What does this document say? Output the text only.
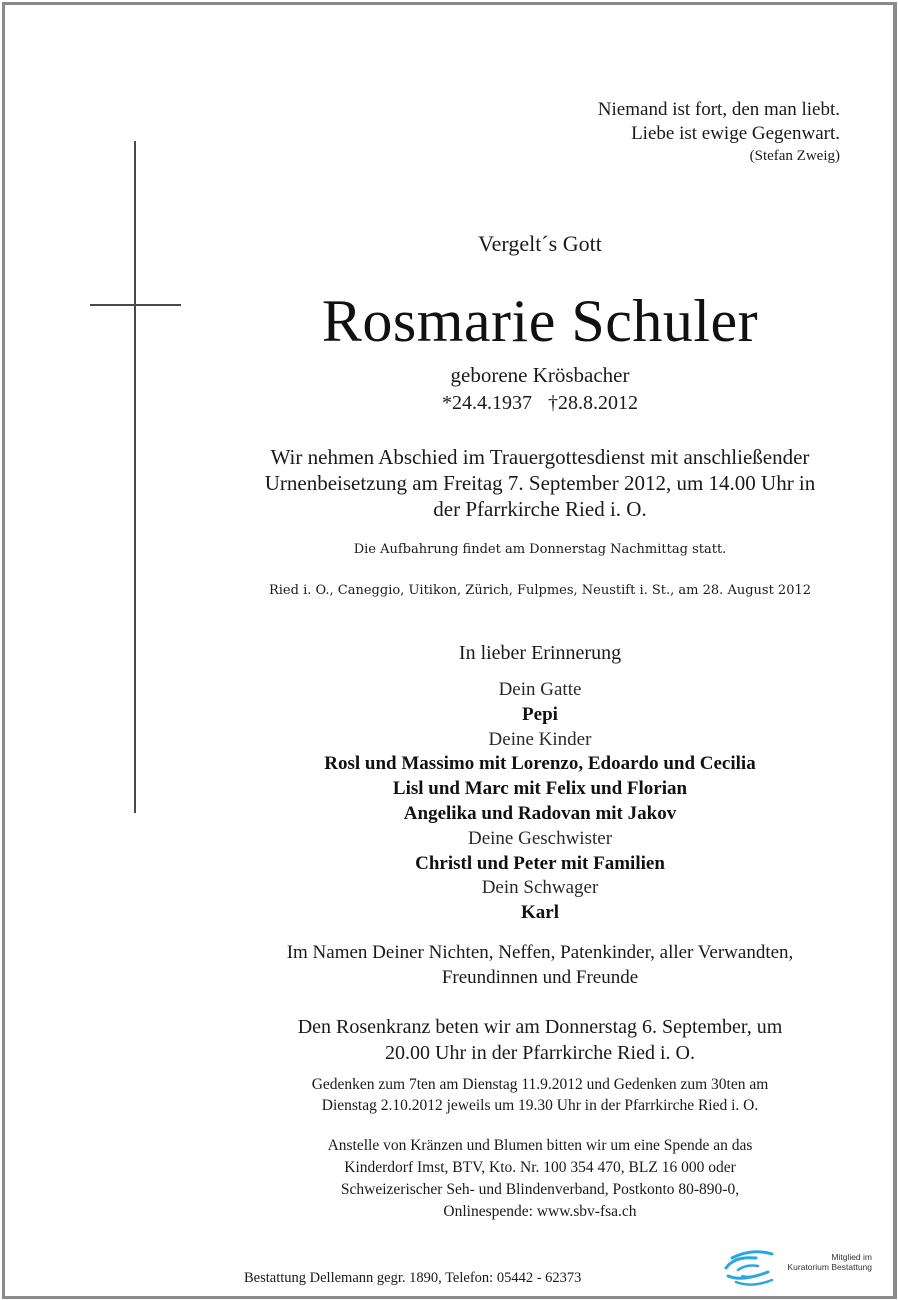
Niemand ist fort, den man liebt.
Liebe ist ewige Gegenwart.
(Stefan Zweig)
Vergelt´s Gott
Rosmarie Schuler
geborene Krösbacher
*24.4.1937 †28.8.2012
Wir nehmen Abschied im Trauergottesdienst mit anschließender
Urnenbeisetzung am Freitag 7. September 2012, um 14.00 Uhr in
der Pfarrkirche Ried i. O.
Die Aufbahrung findet am Donnerstag Nachmittag statt.
Ried i. O., Caneggio, Uitikon, Zürich, Fulpmes, Neustift i. St., am 28. August 2012
In lieber Erinnerung
Dein Gatte
Pepi
Deine Kinder
Rosl und Massimo mit Lorenzo, Edoardo und Cecilia
Lisl und Marc mit Felix und Florian
Angelika und Radovan mit Jakov
Deine Geschwister
Christl und Peter mit Familien
Dein Schwager
Karl
Im Namen Deiner Nichten, Neffen, Patenkinder, aller Verwandten,
Freundinnen und Freunde
Den Rosenkranz beten wir am Donnerstag 6. September, um
20.00 Uhr in der Pfarrkirche Ried i. O.
Gedenken zum 7ten am Dienstag 11.9.2012 und Gedenken zum 30ten am
Dienstag 2.10.2012 jeweils um 19.30 Uhr in der Pfarrkirche Ried i. O.
Anstelle von Kränzen und Blumen bitten wir um eine Spende an das
Kinderdorf Imst, BTV, Kto. Nr. 100 354 470, BLZ 16 000 oder
Schweizerischer Seh- und Blindenverband, Postkonto 80-890-0,
Onlinespende: www.sbv-fsa.ch
Bestattung Dellemann gegr. 1890, Telefon: 05442 - 62373
Mitglied im
Kuratorium Bestattung
